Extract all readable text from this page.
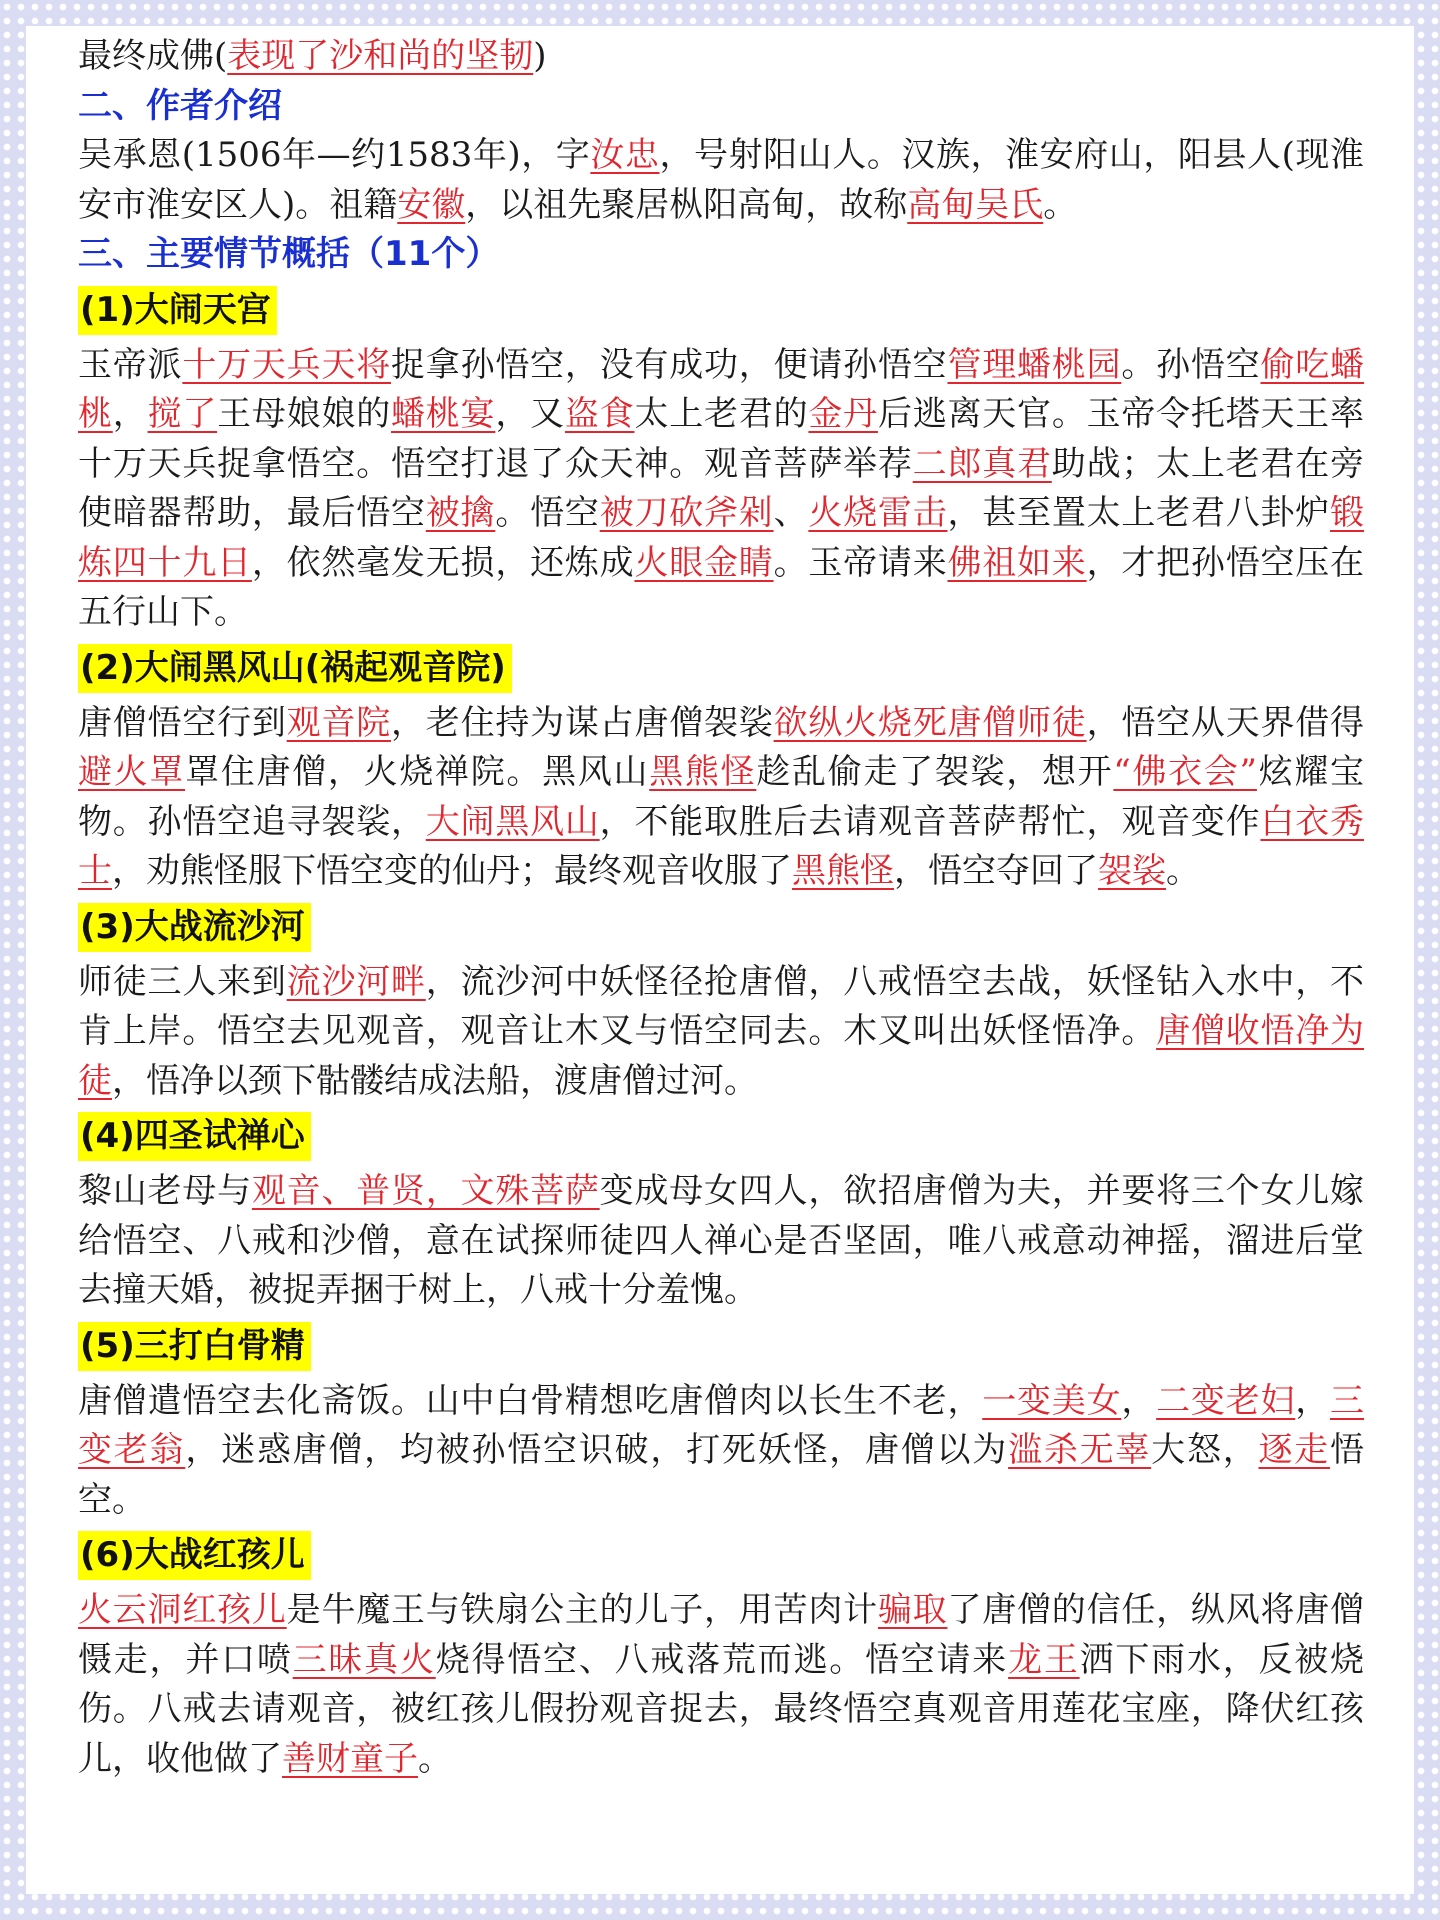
最终成佛(表现了沙和尚的坚韧)

二、作者介绍

吴承恩(1506年—约1583年)，字汝忠，号射阳山人。汉族，淮安府山，阳县人(现淮安市淮安区人)。祖籍安徽，以祖先聚居枞阳高甸，故称高甸吴氏。

三、主要情节概括（11个）

(1)大闹天宫

玉帝派十万天兵天将捉拿孙悟空，没有成功，便请孙悟空管理蟠桃园。孙悟空偷吃蟠桃，搅了王母娘娘的蟠桃宴，又盗食太上老君的金丹后逃离天官。玉帝令托塔天王率十万天兵捉拿悟空。悟空打退了众天神。观音菩萨举荐二郎真君助战；太上老君在旁使暗器帮助，最后悟空被擒。悟空被刀砍斧剁、火烧雷击，甚至置太上老君八卦炉锻炼四十九日，依然毫发无损，还炼成火眼金睛。玉帝请来佛祖如来，才把孙悟空压在五行山下。

(2)大闹黑风山(祸起观音院)

唐僧悟空行到观音院，老住持为谋占唐僧袈裟欲纵火烧死唐僧师徒，悟空从天界借得避火罩罩住唐僧，火烧禅院。黑风山黑熊怪趁乱偷走了袈裟，想开“佛衣会”炫耀宝物。孙悟空追寻袈裟，大闹黑风山，不能取胜后去请观音菩萨帮忙，观音变作白衣秀士，劝熊怪服下悟空变的仙丹；最终观音收服了黑熊怪，悟空夺回了袈裟。

(3)大战流沙河

师徒三人来到流沙河畔，流沙河中妖怪径抢唐僧，八戒悟空去战，妖怪钻入水中，不肯上岸。悟空去见观音，观音让木叉与悟空同去。木叉叫出妖怪悟净。唐僧收悟净为徒，悟净以颈下骷髅结成法船，渡唐僧过河。

(4)四圣试禅心

黎山老母与观音、普贤，文殊菩萨变成母女四人，欲招唐僧为夫，并要将三个女儿嫁给悟空、八戒和沙僧，意在试探师徒四人禅心是否坚固，唯八戒意动神摇，溜进后堂去撞天婚，被捉弄捆于树上，八戒十分羞愧。

(5)三打白骨精

唐僧遣悟空去化斋饭。山中白骨精想吃唐僧肉以长生不老，一变美女，二变老妇，三变老翁，迷惑唐僧，均被孙悟空识破，打死妖怪，唐僧以为滥杀无辜大怒，逐走悟空。

(6)大战红孩儿

火云洞红孩儿是牛魔王与铁扇公主的儿子，用苦肉计骗取了唐僧的信任，纵风将唐僧慑走，并口喷三昧真火烧得悟空、八戒落荒而逃。悟空请来龙王洒下雨水，反被烧伤。八戒去请观音，被红孩儿假扮观音捉去，最终悟空真观音用莲花宝座，降伏红孩儿，收他做了善财童子。
